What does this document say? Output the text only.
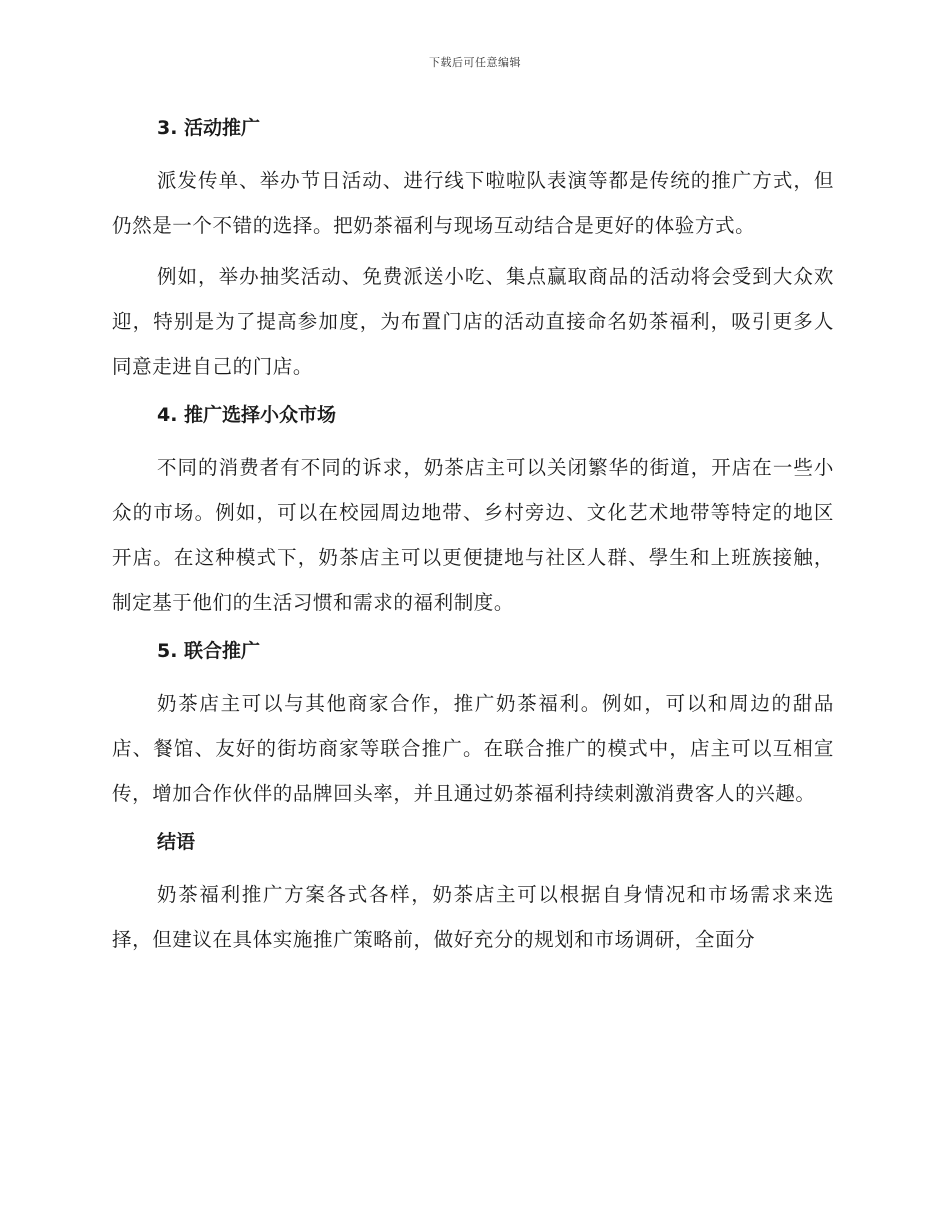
下载后可任意编辑
3. 活动推广

派发传单、举办节日活动、进行线下啦啦队表演等都是传统的推广方式，但仍然是一个不错的选择。把奶茶福利与现场互动结合是更好的体验方式。

例如，举办抽奖活动、免费派送小吃、集点赢取商品的活动将会受到大众欢迎，特别是为了提高参加度，为布置门店的活动直接命名奶茶福利，吸引更多人同意走进自己的门店。

4. 推广选择小众市场

不同的消费者有不同的诉求，奶茶店主可以关闭繁华的街道，开店在一些小众的市场。例如，可以在校园周边地带、乡村旁边、文化艺术地带等特定的地区开店。在这种模式下，奶茶店主可以更便捷地与社区人群、學生和上班族接触，制定基于他们的生活习惯和需求的福利制度。

5. 联合推广

奶茶店主可以与其他商家合作，推广奶茶福利。例如，可以和周边的甜品店、餐馆、友好的街坊商家等联合推广。在联合推广的模式中，店主可以互相宣传，增加合作伙伴的品牌回头率，并且通过奶茶福利持续刺激消费客人的兴趣。

结语

奶茶福利推广方案各式各样，奶茶店主可以根据自身情况和市场需求来选择，但建议在具体实施推广策略前，做好充分的规划和市场调研，全面分
